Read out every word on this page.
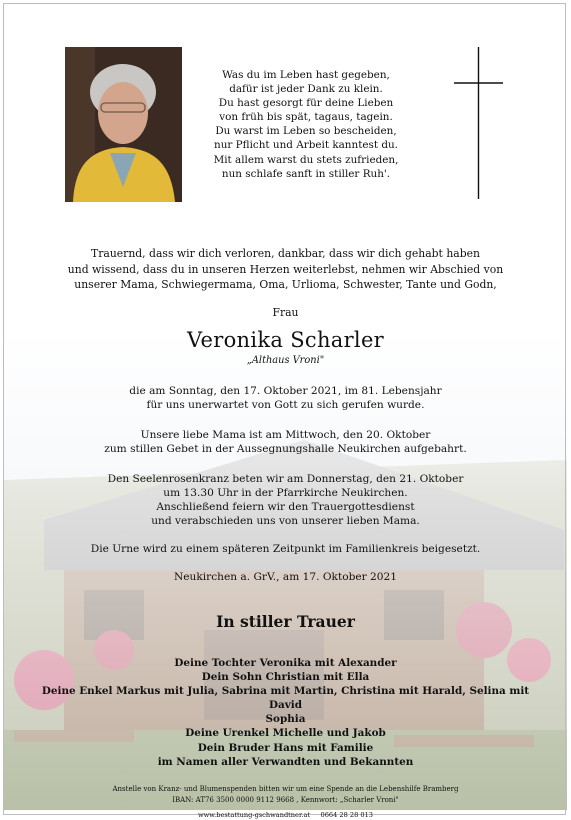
Was du im Leben hast gegeben,
dafür ist jeder Dank zu klein.
Du hast gesorgt für deine Lieben
von früh bis spät, tagaus, tagein.
Du warst im Leben so bescheiden,
nur Pflicht und Arbeit kanntest du.
Mit allem warst du stets zufrieden,
nun schlafe sanft in stiller Ruh'.
Trauernd, dass wir dich verloren, dankbar, dass wir dich gehabt haben
und wissend, dass du in unseren Herzen weiterlebst, nehmen wir Abschied von
unserer Mama, Schwiegermama, Oma, Urlioma, Schwester, Tante und Godn,
Frau
Veronika Scharler
„Althaus Vroni"
die am Sonntag, den 17. Oktober 2021, im 81. Lebensjahr
für uns unerwartet von Gott zu sich gerufen wurde.
Unsere liebe Mama ist am Mittwoch, den 20. Oktober
zum stillen Gebet in der Aussegnungshalle Neukirchen aufgebahrt.
Den Seelenrosenkranz beten wir am Donnerstag, den 21. Oktober
um 13.30 Uhr in der Pfarrkirche Neukirchen.
Anschließend feiern wir den Trauergottesdienst
und verabschieden uns von unserer lieben Mama.
Die Urne wird zu einem späteren Zeitpunkt im Familienkreis beigesetzt.
Neukirchen a. GrV., am 17. Oktober 2021
In stiller Trauer
Deine Tochter Veronika mit Alexander
Dein Sohn Christian mit Ella
Deine Enkel Markus mit Julia, Sabrina mit Martin, Christina mit Harald, Selina mit David
Sophia
Deine Urenkel Michelle und Jakob
Dein Bruder Hans mit Familie
im Namen aller Verwandten und Bekannten
Anstelle von Kranz- und Blumenspenden bitten wir um eine Spende an die Lebenshilfe Bramberg
IBAN: AT76 3500 0000 9112 9668 , Kennwort: „Scharler Vroni"
www.bestattung-gschwandtner.at     0664 28 28 013
